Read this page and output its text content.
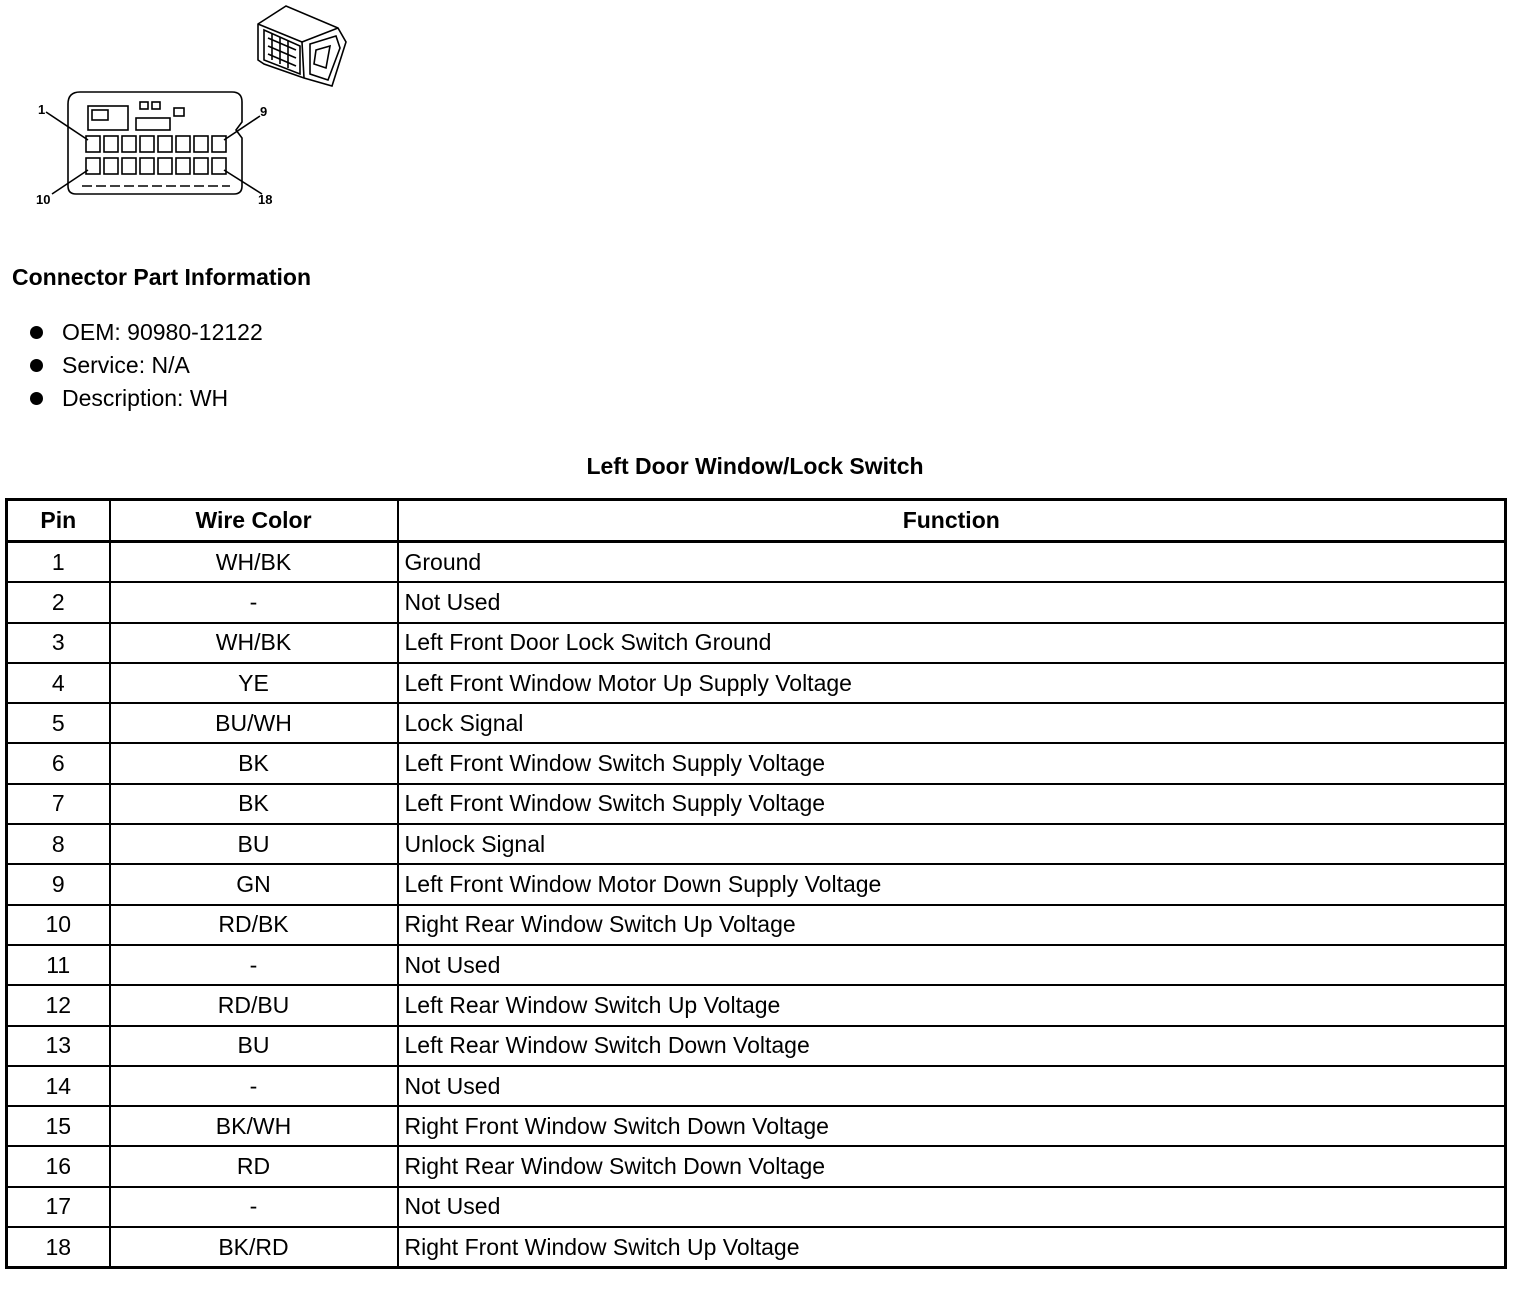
1	9
10	18
Connector Part Information
OEM: 90980-12122
Service: N/A
Description: WH
Left Door Window/Lock Switch
Pin	Wire Color	Function
1	WH/BK	Ground
2	-	Not Used
3	WH/BK	Left Front Door Lock Switch Ground
4	YE	Left Front Window Motor Up Supply Voltage
5	BU/WH	Lock Signal
6	BK	Left Front Window Switch Supply Voltage
7	BK	Left Front Window Switch Supply Voltage
8	BU	Unlock Signal
9	GN	Left Front Window Motor Down Supply Voltage
10	RD/BK	Right Rear Window Switch Up Voltage
11	-	Not Used
12	RD/BU	Left Rear Window Switch Up Voltage
13	BU	Left Rear Window Switch Down Voltage
14	-	Not Used
15	BK/WH	Right Front Window Switch Down Voltage
16	RD	Right Rear Window Switch Down Voltage
17	-	Not Used
18	BK/RD	Right Front Window Switch Up Voltage
